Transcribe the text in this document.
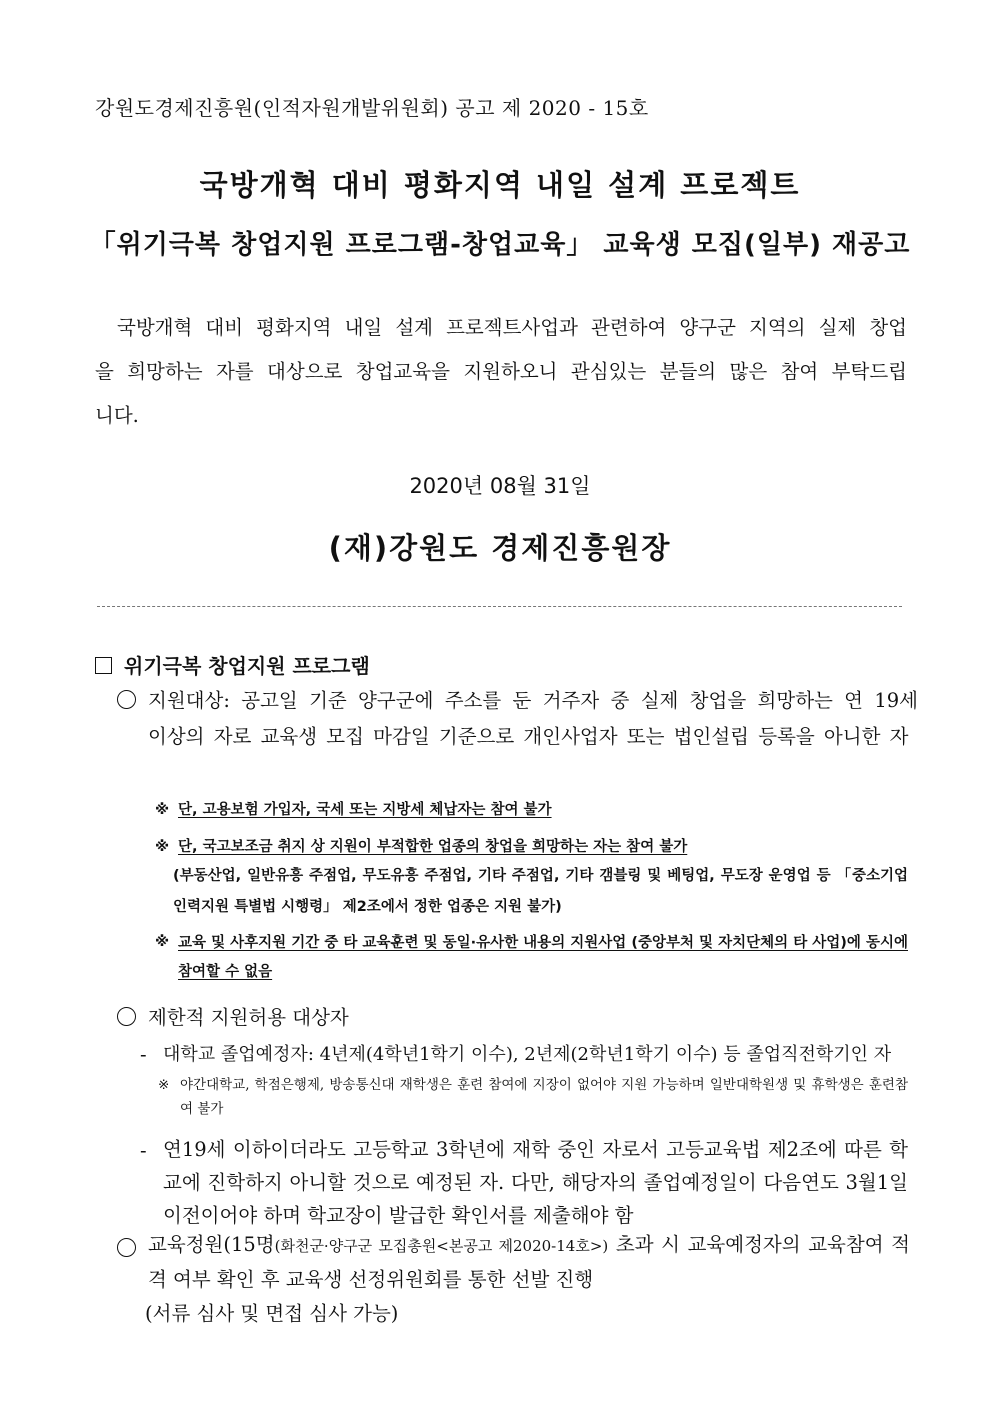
강원도경제진흥원(인적자원개발위원회) 공고 제 2020 - 15호
국방개혁 대비 평화지역 내일 설계 프로젝트
「위기극복 창업지원 프로그램-창업교육」 교육생 모집(일부) 재공고
국방개혁 대비 평화지역 내일 설계 프로젝트사업과 관련하여 양구군 지역의 실제 창업을 희망하는 자를 대상으로 창업교육을 지원하오니 관심있는 분들의 많은 참여 부탁드립니다.
2020년 08월 31일
(재)강원도 경제진흥원장
위기극복 창업지원 프로그램
지원대상: 공고일 기준 양구군에 주소를 둔 거주자 중 실제 창업을 희망하는 연 19세 이상의 자로 교육생 모집 마감일 기준으로 개인사업자 또는 법인설립 등록을 아니한 자
※ 단, 고용보험 가입자, 국세 또는 지방세 체납자는 참여 불가
※ 단, 국고보조금 취지 상 지원이 부적합한 업종의 창업을 희망하는 자는 참여 불가
(부동산업, 일반유흥 주점업, 무도유흥 주점업, 기타 주점업, 기타 갬블링 및 베팅업, 무도장 운영업 등 「중소기업 인력지원 특별법 시행령」 제2조에서 정한 업종은 지원 불가)
※ 교육 및 사후지원 기간 중 타 교육훈련 및 동일·유사한 내용의 지원사업 (중앙부처 및 자치단체의 타 사업)에 동시에 참여할 수 없음
제한적 지원허용 대상자
- 대학교 졸업예정자: 4년제(4학년1학기 이수), 2년제(2학년1학기 이수) 등 졸업직전학기인 자
※ 야간대학교, 학점은행제, 방송통신대 재학생은 훈련 참여에 지장이 없어야 지원 가능하며 일반대학원생 및 휴학생은 훈련참여 불가
- 연19세 이하이더라도 고등학교 3학년에 재학 중인 자로서 고등교육법 제2조에 따른 학교에 진학하지 아니할 것으로 예정된 자. 다만, 해당자의 졸업예정일이 다음연도 3월1일 이전이어야 하며 학교장이 발급한 확인서를 제출해야 함
교육정원(15명(화천군·양구군 모집총원<본공고 제2020-14호>) 초과 시 교육예정자의 교육참여 적격 여부 확인 후 교육생 선정위원회를 통한 선발 진행
(서류 심사 및 면접 심사 가능)
